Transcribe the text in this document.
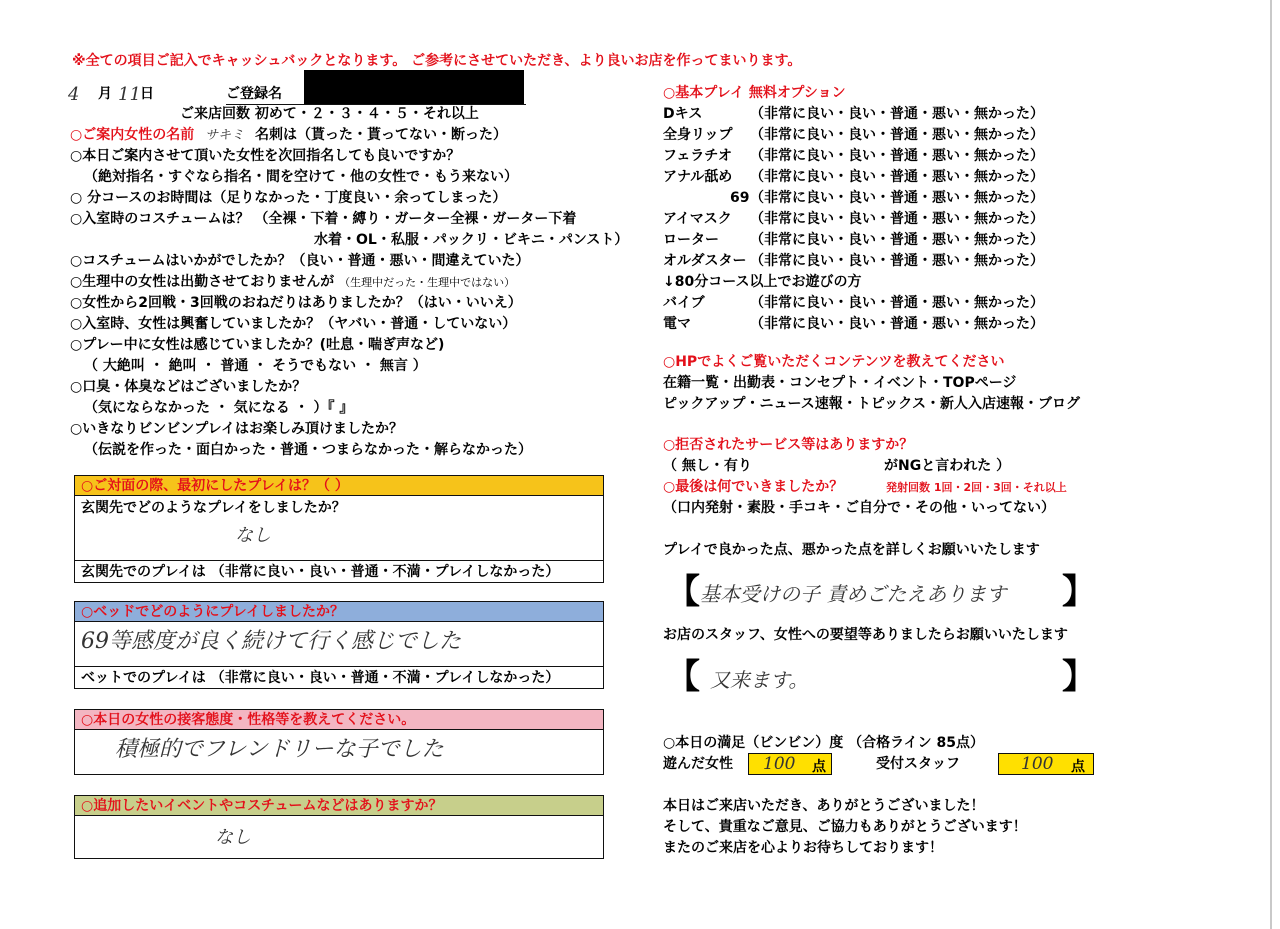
※全ての項目ご記入でキャッシュバックとなります。 ご参考にさせていただき、より良いお店を作ってまいります。
4 月 11 日	ご登録名
ご来店回数 初めて・２・３・４・５・それ以上
○ご案内女性の名前 サキミ 名刺は（貰った・貰ってない・断った）
○本日ご案内させて頂いた女性を次回指名しても良いですか？
（絶対指名・すぐなら指名・間を空けて・他の女性で・もう来ない）
○ 分コースのお時間は（足りなかった・丁度良い・余ってしまった）
○入室時のコスチュームは？ （全裸・下着・縛り・ガーター全裸・ガーター下着
水着・OL・私服・パックリ・ビキニ・パンスト）
○コスチュームはいかがでしたか？（良い・普通・悪い・間違えていた）
○生理中の女性は出勤させておりませんが （生理中だった・生理中ではない）
○女性から2回戦・3回戦のおねだりはありましたか？（はい・いいえ）
○入室時、女性は興奮していましたか？（ヤバい・普通・していない）
○プレー中に女性は感じていましたか？(吐息・喘ぎ声など)
（ 大絶叫 ・ 絶叫 ・ 普通 ・ そうでもない ・ 無言 ）
○口臭・体臭などはございましたか？
（気にならなかった ・ 気になる ・ ）『 』
○いきなりビンビンプレイはお楽しみ頂けましたか？
（伝説を作った・面白かった・普通・つまらなかった・解らなかった）
○ご対面の際、最初にしたプレイは？（ ）
玄関先でどのようなプレイをしましたか？
なし
玄関先でのプレイは （非常に良い・良い・普通・不満・プレイしなかった）
○ベッドでどのようにプレイしましたか？
69等感度が良く続けて行く感じでした
ベットでのプレイは （非常に良い・良い・普通・不満・プレイしなかった）
○本日の女性の接客態度・性格等を教えてください。
積極的でフレンドリーな子でした
○追加したいイベントやコスチュームなどはありますか？
なし
○基本プレイ 無料オプション
Dキス	（非常に良い・良い・普通・悪い・無かった）
全身リップ （非常に良い・良い・普通・悪い・無かった）
フェラチオ （非常に良い・良い・普通・悪い・無かった）
アナル舐め （非常に良い・良い・普通・悪い・無かった）
69 （非常に良い・良い・普通・悪い・無かった）
アイマスク （非常に良い・良い・普通・悪い・無かった）
ローター （非常に良い・良い・普通・悪い・無かった）
オルダスター （非常に良い・良い・普通・悪い・無かった）
↓80分コース以上でお遊びの方
バイブ	（非常に良い・良い・普通・悪い・無かった）
電マ	（非常に良い・良い・普通・悪い・無かった）
○HPでよくご覧いただくコンテンツを教えてください
在籍一覧・出勤表・コンセプト・イベント・TOPページ
ピックアップ・ニュース速報・トピックス・新人入店速報・ブログ
○拒否されたサービス等はありますか？
（ 無し・有り	がNGと言われた ）
○最後は何でいきましたか？	発射回数 1回・2回・3回・それ以上
（口内発射・素股・手コキ・ご自分で・その他・いってない）
プレイで良かった点、悪かった点を詳しくお願いいたします
【 基本受けの子 責めごたえあります 】
お店のスタッフ、女性への要望等ありましたらお願いいたします
【 又来ます。	】
○本日の満足（ビンビン）度 （合格ライン 85点）
遊んだ女性 100 点	受付スタッフ	100 点
本日はご来店いただき、ありがとうございました！
そして、貴重なご意見、ご協力もありがとうございます！
またのご来店を心よりお待ちしております！
